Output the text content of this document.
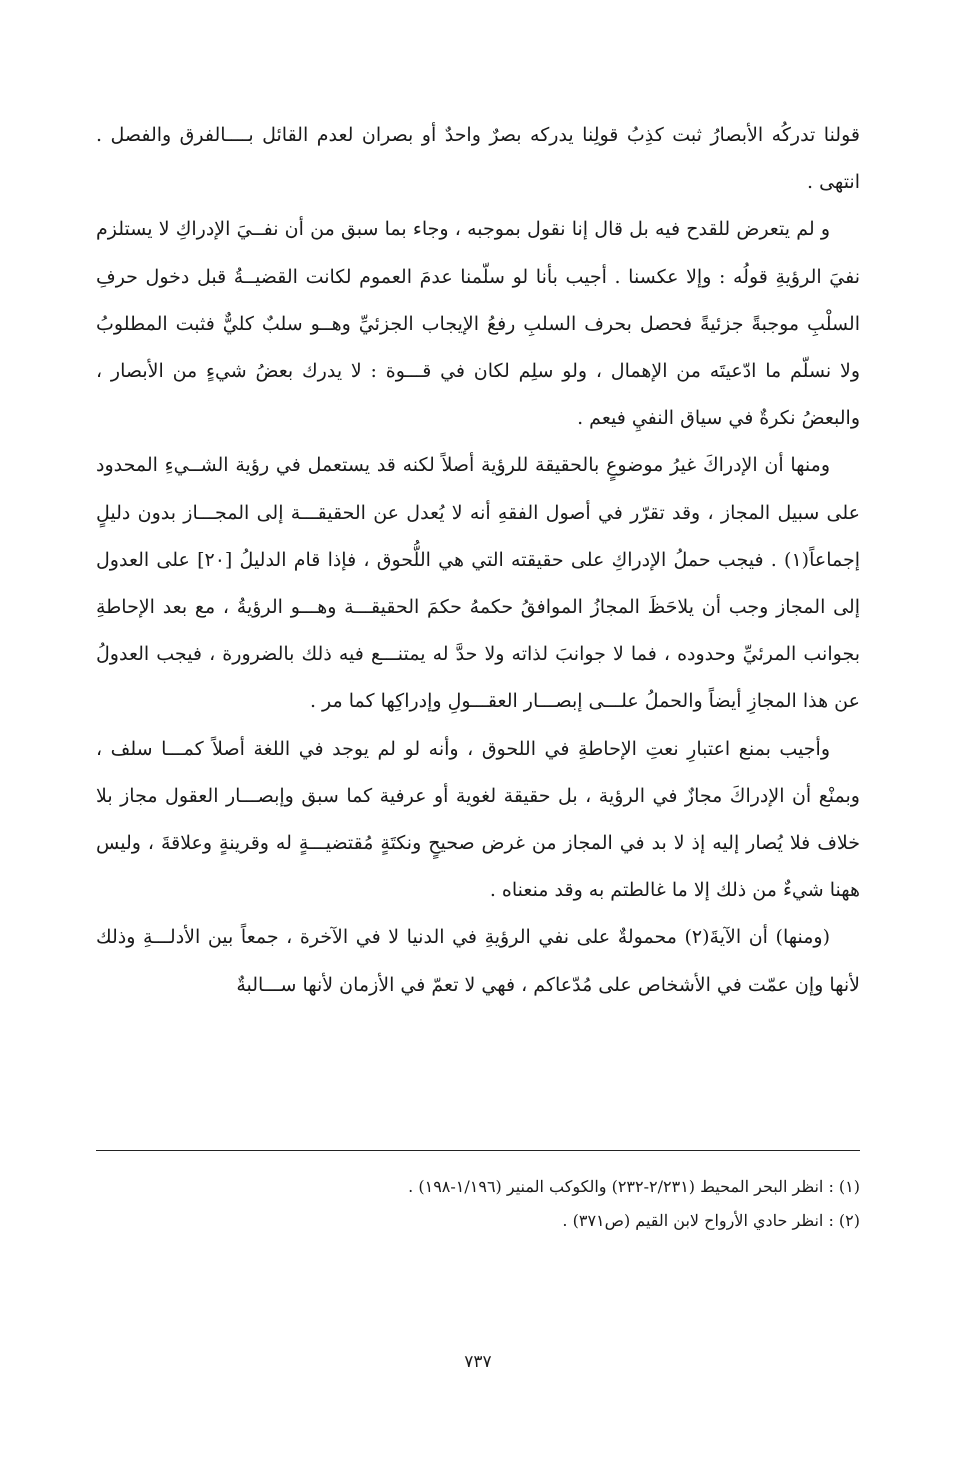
قولنا تدركُه الأبصارُ ثبت كذِبُ قولِنا يدركه بصرٌ واحدٌ أو بصران لعدم القائل بــــالفرق والفصل . انتهى .

و لم يتعرض للقدح فيه بل قال إنا نقول بموجبه ، وجاء بما سبق من أن نفــيَ الإدراكِ لا يستلزم نفيَ الرؤيةِ قولُه : وإلا عكسنا . أجيب بأنا لو سلّمنا عدمَ العموم لكانت القضيــةُ قبل دخول حرفِ السلْبِ موجبةً جزئيةً فحصل بحرف السلبِ رفعُ الإيجاب الجزئيِّ وهــو سلبٌ كليٌّ فثبت المطلوبُ ولا نسلّم ما ادّعيتَه من الإهمال ، ولو سلِم لكان في قـــوة : لا يدرك بعضُ شيءٍ من الأبصار ، والبعضُ نكرةٌ في سياق النفيِ فيعم .

ومنها أن الإدراكَ غيرُ موضوعٍ بالحقيقة للرؤية أصلاً لكنه قد يستعمل في رؤية الشــيءِ المحدود على سبيل المجاز ، وقد تقرّر في أصول الفقهِ أنه لا يُعدل عن الحقيقـــة إلى المجـــاز بدون دليلٍ إجماعاً(١) . فيجب حملُ الإدراكِ على حقيقته التي هي اللُّحوق ، فإذا قام الدليلُ [٢٠] على العدول إلى المجاز وجب أن يلاحَظَ المجازُ الموافقُ حكمهُ حكمَ الحقيقـــة وهـــو الرؤيةُ ، مع بعد الإحاطةِ بجوانب المرئيِّ وحدوده ، فما لا جوانبَ لذاته ولا حدَّ له يمتنـــع فيه ذلك بالضرورة ، فيجب العدولُ عن هذا المجازِ أيضاً والحملُ علـــى إبصـــار العقـــولِ وإدراكِها كما مر .

وأجيب بمنع اعتبارِ نعتِ الإحاطةِ في اللحوق ، وأنه لو لم يوجد في اللغة أصلاً كمـــا سلف ، وبمنْع أن الإدراكَ مجازٌ في الرؤية ، بل حقيقة لغوية أو عرفية كما سبق وإبصـــار العقول مجاز بلا خلاف فلا يُصار إليه إذ لا بد في المجاز من غرض صحيحٍ ونكتَةٍ مُقتضيـــةٍ له وقرينةٍ وعلاقةَ ، وليس ههنا شيءٌ من ذلك إلا ما غالطتم به وقد منعناه .

(ومنها) أن الآيةَ(٢) محمولةٌ على نفي الرؤيةِ في الدنيا لا في الآخرة ، جمعاً بين الأدلـــةِ وذلك لأنها وإن عمّت في الأشخاص على مُدّعاكم ، فهي لا تعمّ في الأزمان لأنها ســـالبةٌ

(١) : انظر البحر المحيط (٢/٢٣١-٢٣٢) والكوكب المنير (١/١٩٦-١٩٨) .

(٢) : انظر حادي الأرواح لابن القيم (ص٣٧١) .

٧٣٧
